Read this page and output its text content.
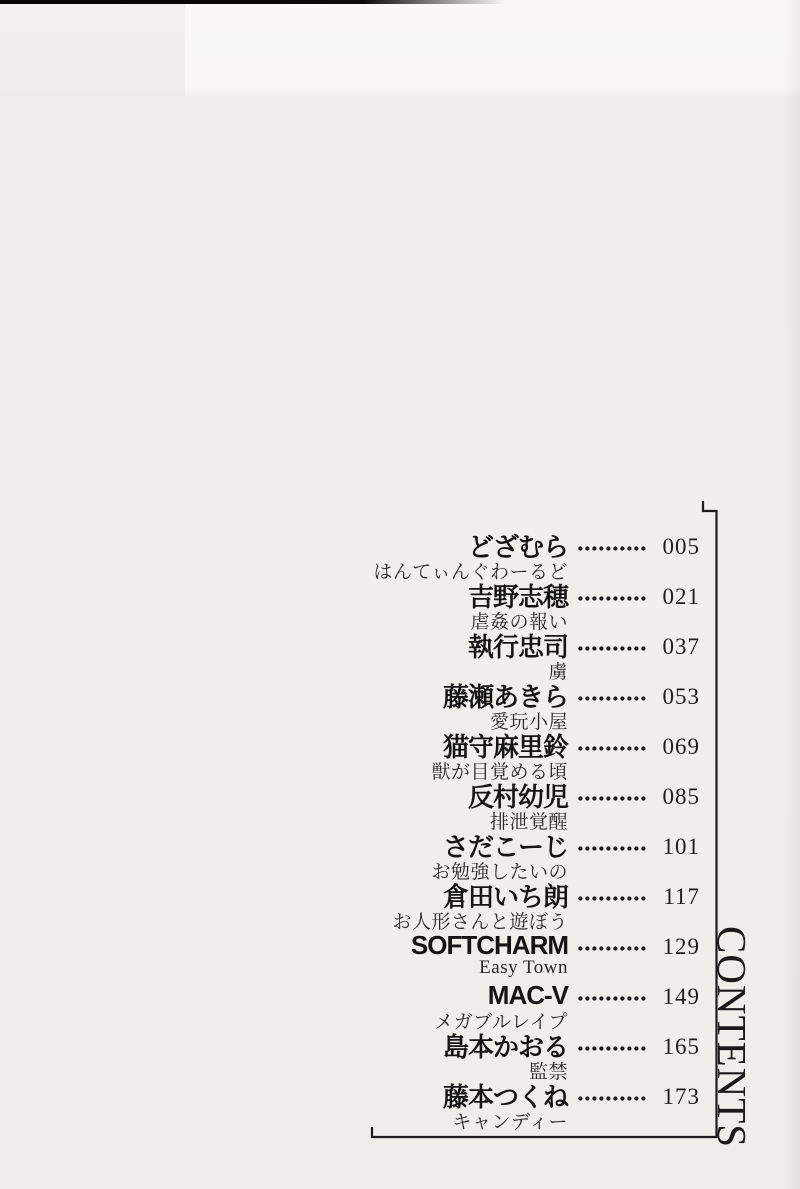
どざむら	005
はんてぃんぐわーるど
吉野志穂	021
虐姦の報い
執行忠司	037
虜
藤瀬あきら	053
愛玩小屋
猫守麻里鈴	069
獣が目覚める頃
反村幼児	085
排泄覚醒
さだこーじ	101
お勉強したいの
倉田いち朗	117
お人形さんと遊ぼう
SOFTCHARM	129
Easy Town
MAC-V	149
メガブルレイプ
島本かおる	165
監禁
藤本つくね	173
キャンディー	CONTENTS
